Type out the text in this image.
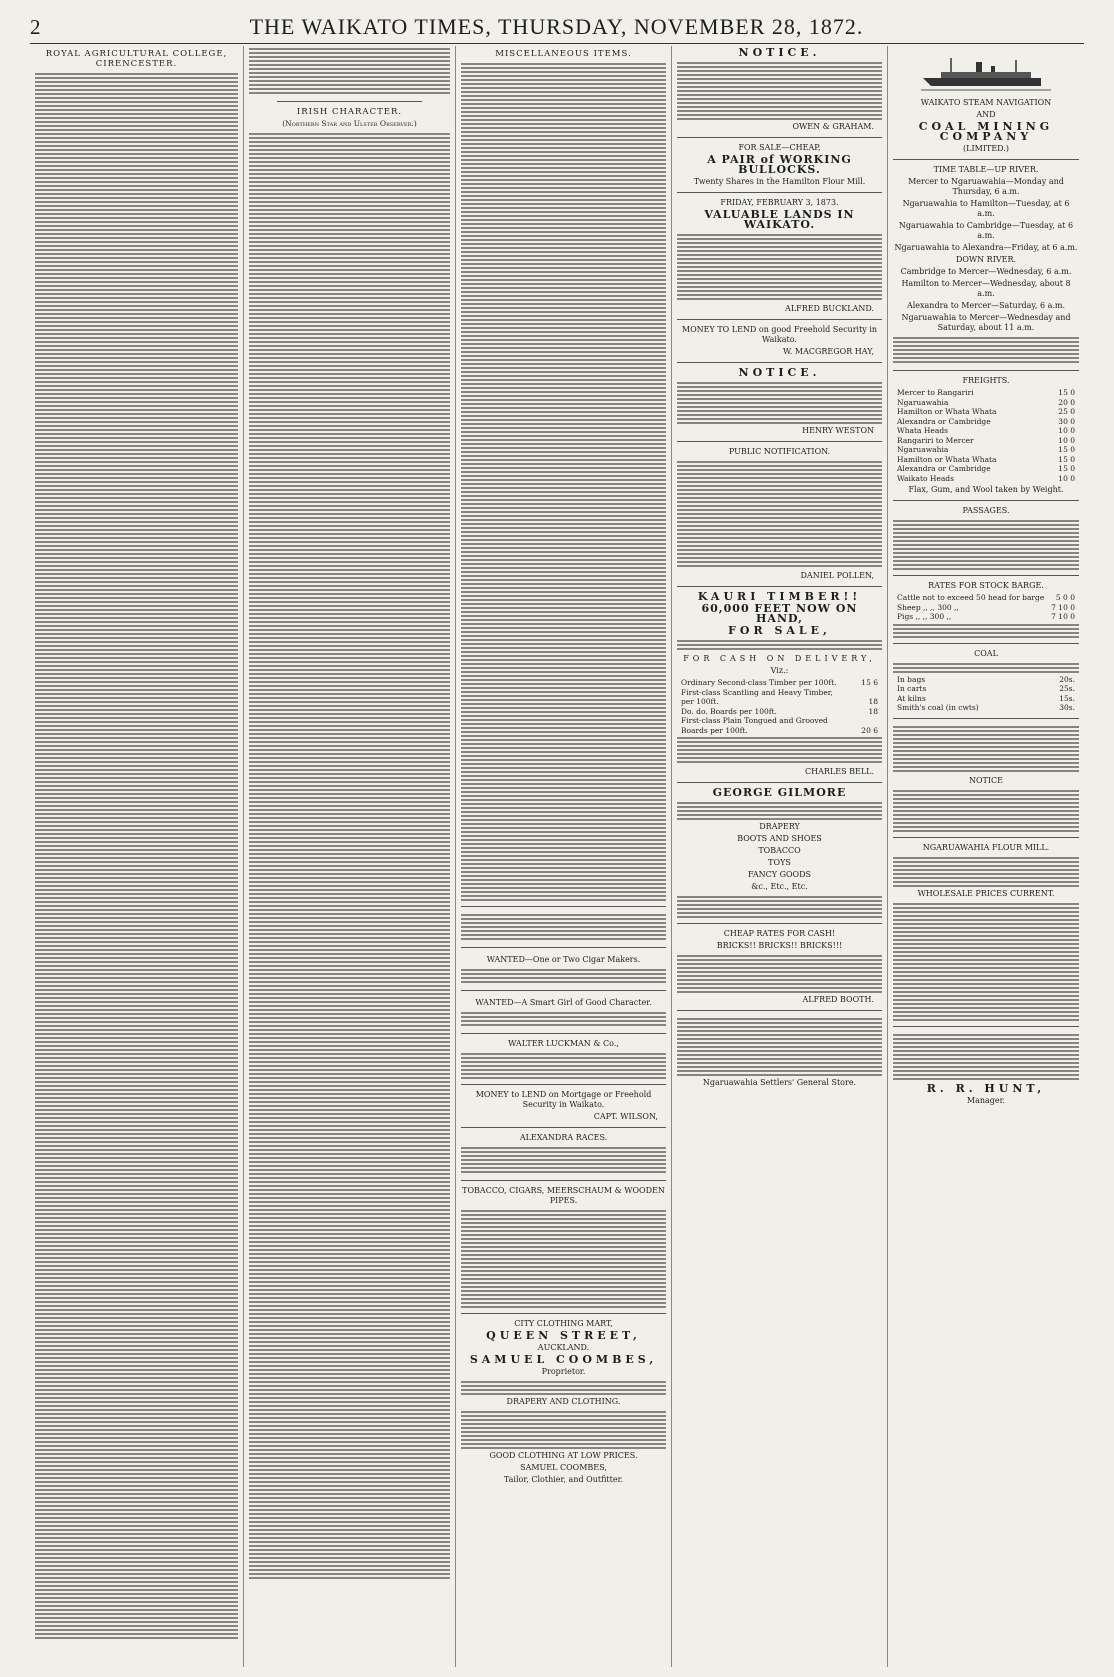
2	THE WAIKATO TIMES, THURSDAY, NOVEMBER 28, 1872.
ROYAL AGRICULTURAL COLLEGE, CIRENCESTER.
IRISH CHARACTER.
(Northern Star and Ulster Observer.)
MISCELLANEOUS ITEMS.
WANTED—One or Two Cigar Makers.
WANTED—A Smart Girl of Good Character.
WALTER LUCKMAN & Co.,
MONEY to LEND on Mortgage or Freehold Security in Waikato.
CAPT. WILSON,
ALEXANDRA RACES.
TOBACCO, CIGARS, MEERSCHAUM & WOODEN PIPES.
CITY CLOTHING MART,
QUEEN STREET,
AUCKLAND.
SAMUEL COOMBES,
Proprietor.
DRAPERY AND CLOTHING.
GOOD CLOTHING AT LOW PRICES.
SAMUEL COOMBES,
Tailor, Clothier, and Outfitter.
NOTICE.
OWEN & GRAHAM.
FOR SALE—CHEAP,
A PAIR of WORKING BULLOCKS.
Twenty Shares in the Hamilton Flour Mill.
FRIDAY, FEBRUARY 3, 1873.
VALUABLE LANDS IN WAIKATO.
ALFRED BUCKLAND.
MONEY TO LEND on good Freehold Security in Waikato.
W. MACGREGOR HAY,
NOTICE.
HENRY WESTON
PUBLIC NOTIFICATION.
DANIEL POLLEN,
KAURI TIMBER!!
60,000 FEET NOW ON HAND,
FOR SALE,
FOR CASH ON DELIVERY,
Viz.:
Ordinary Second-class Timber per 100ft.	15 6
First-class Scantling and Heavy Timber,
per 100ft.	18
Do. do. Boards per 100ft.	18
First-class Plain Tongued and Grooved
Boards per 100ft.	20 6
CHARLES BELL.
GEORGE GILMORE
DRAPERY
BOOTS AND SHOES
TOBACCO
TOYS
FANCY GOODS
&c., Etc., Etc.
CHEAP RATES FOR CASH!
BRICKS!! BRICKS!! BRICKS!!!
ALFRED BOOTH.
Ngaruawahia Settlers' General Store.
WAIKATO STEAM NAVIGATION
AND
COAL MINING COMPANY
(LIMITED.)
TIME TABLE—UP RIVER.
Mercer to Ngaruawahia—Monday and Thursday, 6 a.m.
Ngaruawahia to Hamilton—Tuesday, at 6 a.m.
Ngaruawahia to Cambridge—Tuesday, at 6 a.m.
Ngaruawahia to Alexandra—Friday, at 6 a.m.
DOWN RIVER.
Cambridge to Mercer—Wednesday, 6 a.m.
Hamilton to Mercer—Wednesday, about 8 a.m.
Alexandra to Mercer—Saturday, 6 a.m.
Ngaruawahia to Mercer—Wednesday and Saturday, about 11 a.m.
FREIGHTS.
Mercer to Rangariri	15 0
Ngaruawahia	20 0
Hamilton or Whata Whata	25 0
Alexandra or Cambridge	30 0
Whata Heads	10 0
Rangariri to Mercer	10 0
Ngaruawahia	15 0
Hamilton or Whata Whata	15 0
Alexandra or Cambridge	15 0
Waikato Heads	10 0
Flax, Gum, and Wool taken by Weight.
PASSAGES.
RATES FOR STOCK BARGE.
Cattle not to exceed 50 head for barge 5 0 0
Sheep ,, ,, 300 ,,	7 10 0
Pigs ,, ,, 300 ,,	7 10 0
COAL
In bags	20s.
In carts	25s.
At kilns	15s.
Smith's coal (in cwts)	30s.
NOTICE
NGARUAWAHIA FLOUR MILL.
WHOLESALE PRICES CURRENT.
R. R. HUNT,
Manager.
